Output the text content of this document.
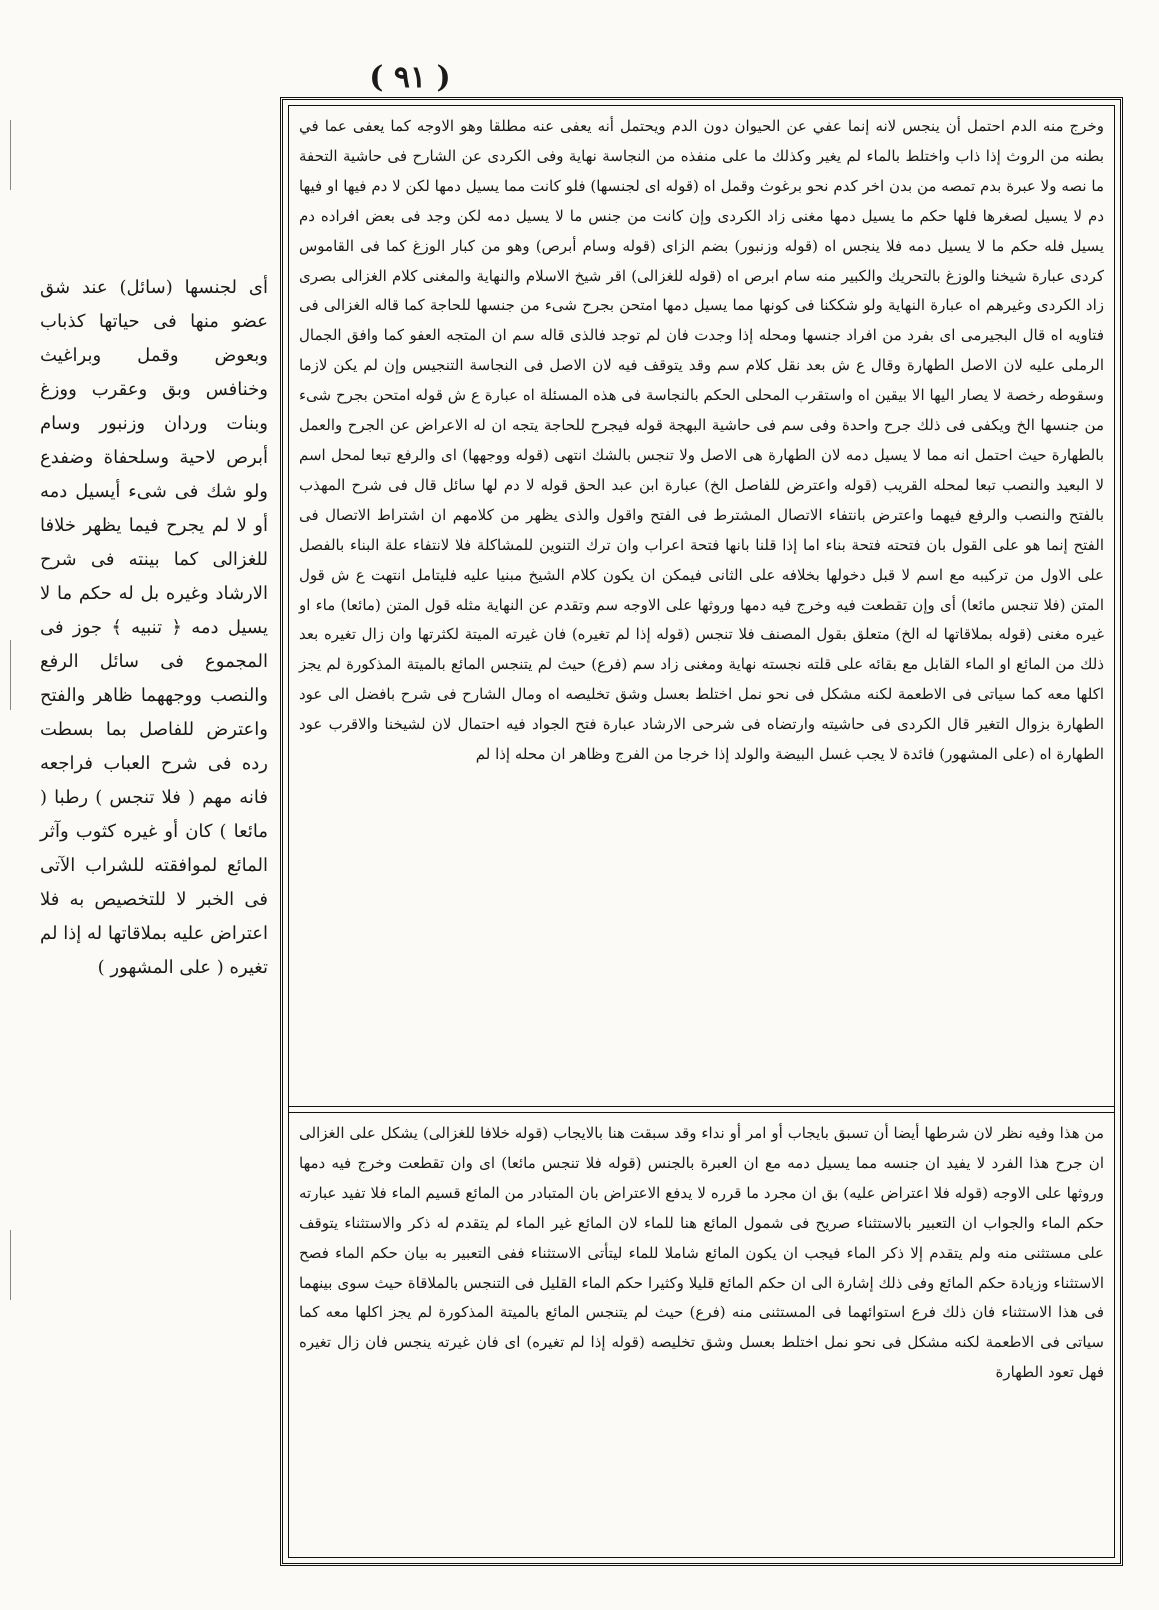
( ٩١ )
أى لجنسها (سائل) عند شق عضو منها فى حياتها كذباب وبعوض وقمل وبراغيث وخنافس وبق وعقرب ووزغ وبنات وردان وزنبور وسام أبرص لاحية وسلحفاة وضفدع ولو شك فى شىء أيسيل دمه أو لا لم يجرح فيما يظهر خلافا للغزالى كما بينته فى شرح الارشاد وغيره بل له حكم ما لا يسيل دمه ﴿ تنبيه ﴾ جوز فى المجموع فى سائل الرفع والنصب ووجههما ظاهر والفتح واعترض للفاصل بما بسطت رده فى شرح العباب فراجعه فانه مهم ( فلا تنجس ) رطبا ( مائعا ) كان أو غيره كثوب وآثر المائع لموافقته للشراب الآتى فى الخبر لا للتخصيص به فلا اعتراض عليه بملاقاتها له إذا لم تغيره ( على المشهور )
وخرج منه الدم احتمل أن ينجس لانه إنما عفي عن الحيوان دون الدم ويحتمل أنه يعفى عنه مطلقا وهو الاوجه كما يعفى عما في بطنه من الروث إذا ذاب واختلط بالماء لم يغير وكذلك ما على منفذه من النجاسة نهاية وفى الكردى عن الشارح فى حاشية التحفة ما نصه ولا عبرة بدم تمصه من بدن اخر كدم نحو برغوث وقمل اه (قوله اى لجنسها) فلو كانت مما يسيل دمها لكن لا دم فيها او فيها دم لا يسيل لصغرها فلها حكم ما يسيل دمها مغنى زاد الكردى وإن كانت من جنس ما لا يسيل دمه لكن وجد فى بعض افراده دم يسيل فله حكم ما لا يسيل دمه فلا ينجس اه (قوله وزنبور) بضم الزاى (قوله وسام أبرص) وهو من كبار الوزغ كما فى القاموس كردى عبارة شيخنا والوزغ بالتحريك والكبير منه سام ابرص اه (قوله للغزالى) اقر شيخ الاسلام والنهاية والمغنى كلام الغزالى بصرى زاد الكردى وغيرهم اه عبارة النهاية ولو شككنا فى كونها مما يسيل دمها امتحن بجرح شىء من جنسها للحاجة كما قاله الغزالى فى فتاويه اه قال البجيرمى اى بفرد من افراد جنسها ومحله إذا وجدت فان لم توجد فالذى قاله سم ان المتجه العفو كما وافق الجمال الرملى عليه لان الاصل الطهارة وقال ع ش بعد نقل كلام سم وقد يتوقف فيه لان الاصل فى النجاسة التنجيس وإن لم يكن لازما وسقوطه رخصة لا يصار اليها الا بيقين اه واستقرب المحلى الحكم بالنجاسة فى هذه المسئلة اه عبارة ع ش قوله امتحن بجرح شىء من جنسها الخ ويكفى فى ذلك جرح واحدة وفى سم فى حاشية البهجة قوله فيجرح للحاجة يتجه ان له الاعراض عن الجرح والعمل بالطهارة حيث احتمل انه مما لا يسيل دمه لان الطهارة هى الاصل ولا تنجس بالشك انتهى (قوله ووجهها) اى والرفع تبعا لمحل اسم لا البعيد والنصب تبعا لمحله القريب (قوله واعترض للفاصل الخ) عبارة ابن عبد الحق قوله لا دم لها سائل قال فى شرح المهذب بالفتح والنصب والرفع فيهما واعترض بانتفاء الاتصال المشترط فى الفتح واقول والذى يظهر من كلامهم ان اشتراط الاتصال فى الفتح إنما هو على القول بان فتحته فتحة بناء اما إذا قلنا بانها فتحة اعراب وان ترك التنوين للمشاكلة فلا لانتفاء علة البناء بالفصل على الاول من تركيبه مع اسم لا قبل دخولها بخلافه على الثانى فيمكن ان يكون كلام الشيخ مبنيا عليه فليتامل انتهت ع ش قول المتن (فلا تنجس مائعا) أى وإن تقطعت فيه وخرج فيه دمها وروثها على الاوجه سم وتقدم عن النهاية مثله قول المتن (مائعا) ماء او غيره مغنى (قوله بملاقاتها له الخ) متعلق بقول المصنف فلا تنجس (قوله إذا لم تغيره) فان غيرته الميتة لكثرتها وان زال تغيره بعد ذلك من المائع او الماء القابل مع بقائه على قلته نجسته نهاية ومغنى زاد سم (فرع) حيث لم يتنجس المائع بالميتة المذكورة لم يجز اكلها معه كما سياتى فى الاطعمة لكنه مشكل فى نحو نمل اختلط بعسل وشق تخليصه اه ومال الشارح فى شرح بافضل الى عود الطهارة بزوال التغير قال الكردى فى حاشيته وارتضاه فى شرحى الارشاد عبارة فتح الجواد فيه احتمال لان لشيخنا والاقرب عود الطهارة اه (على المشهور) فائدة لا يجب غسل البيضة والولد إذا خرجا من الفرج وظاهر ان محله إذا لم
من هذا وفيه نظر لان شرطها أيضا أن تسبق بايجاب أو امر أو نداء وقد سبقت هنا بالايجاب (قوله خلافا للغزالى) يشكل على الغزالى ان جرح هذا الفرد لا يفيد ان جنسه مما يسيل دمه مع ان العبرة بالجنس (قوله فلا تنجس مائعا) اى وان تقطعت وخرج فيه دمها وروثها على الاوجه (قوله فلا اعتراض عليه) بق ان مجرد ما قرره لا يدفع الاعتراض بان المتبادر من المائع قسيم الماء فلا تفيد عبارته حكم الماء والجواب ان التعبير بالاستثناء صريح فى شمول المائع هنا للماء لان المائع غير الماء لم يتقدم له ذكر والاستثناء يتوقف على مستثنى منه ولم يتقدم إلا ذكر الماء فيجب ان يكون المائع شاملا للماء ليتأتى الاستثناء ففى التعبير به بيان حكم الماء فصح الاستثناء وزيادة حكم المائع وفى ذلك إشارة الى ان حكم المائع قليلا وكثيرا حكم الماء القليل فى التنجس بالملاقاة حيث سوى بينهما فى هذا الاستثناء فان ذلك فرع استوائهما فى المستثنى منه (فرع) حيث لم يتنجس المائع بالميتة المذكورة لم يجز اكلها معه كما سياتى فى الاطعمة لكنه مشكل فى نحو نمل اختلط بعسل وشق تخليصه (قوله إذا لم تغيره) اى فان غيرته ينجس فان زال تغيره فهل تعود الطهارة
